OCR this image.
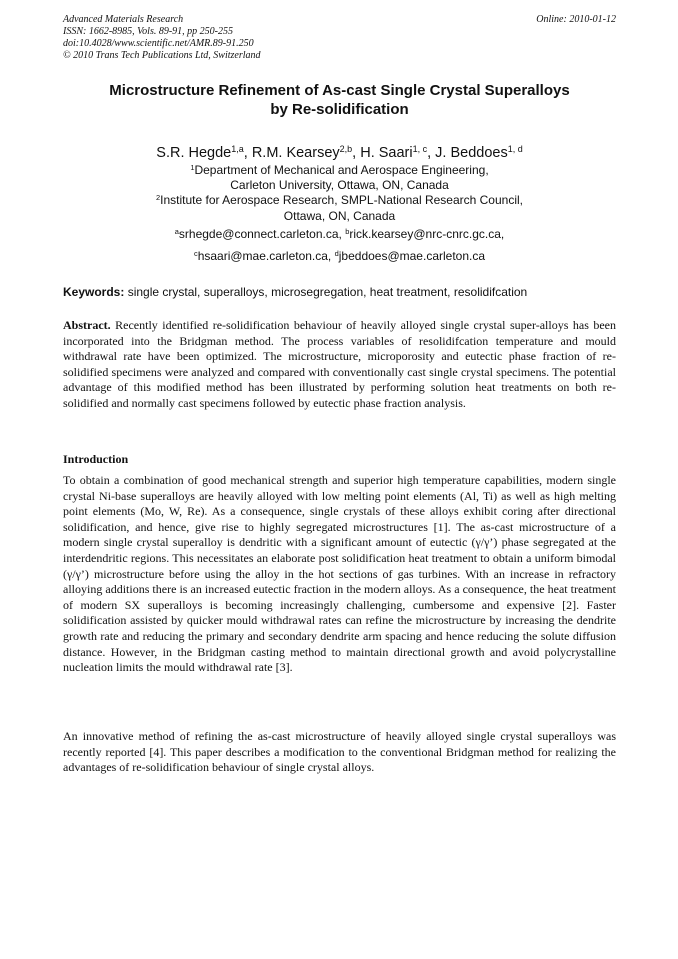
Advanced Materials Research
ISSN: 1662-8985, Vols. 89-91, pp 250-255
doi:10.4028/www.scientific.net/AMR.89-91.250
© 2010 Trans Tech Publications Ltd, Switzerland
Online: 2010-01-12
Microstructure Refinement of As-cast Single Crystal Superalloys
by Re-solidification
S.R. Hegde$^{1,a}$, R.M. Kearsey$^{2,b}$, H. Saari$^{1, c}$, J. Beddoes$^{1, d}$
$^1$Department of Mechanical and Aerospace Engineering,
Carleton University, Ottawa, ON, Canada
$^2$Institute for Aerospace Research, SMPL-National Research Council,
Ottawa, ON, Canada
$^a$srhegde@connect.carleton.ca, $^b$rick.kearsey@nrc-cnrc.gc.ca,
$^c$hsaari@mae.carleton.ca, $^d$jbeddoes@mae.carleton.ca
Keywords: single crystal, superalloys, microsegregation, heat treatment, resolidifcation
Abstract. Recently identified re-solidification behaviour of heavily alloyed single crystal super-alloys has been incorporated into the Bridgman method. The process variables of resolidifcation temperature and mould withdrawal rate have been optimized. The microstructure, microporosity and eutectic phase fraction of re-solidified specimens were analyzed and compared with conventionally cast single crystal specimens. The potential advantage of this modified method has been illustrated by performing solution heat treatments on both re-solidified and normally cast specimens followed by eutectic phase fraction analysis.
Introduction
To obtain a combination of good mechanical strength and superior high temperature capabilities, modern single crystal Ni-base superalloys are heavily alloyed with low melting point elements (Al, Ti) as well as high melting point elements (Mo, W, Re). As a consequence, single crystals of these alloys exhibit coring after directional solidification, and hence, give rise to highly segregated microstructures [1]. The as-cast microstructure of a modern single crystal superalloy is dendritic with a significant amount of eutectic (γ/γ’) phase segregated at the interdendritic regions. This necessitates an elaborate post solidification heat treatment to obtain a uniform bimodal (γ/γ’) microstructure before using the alloy in the hot sections of gas turbines. With an increase in refractory alloying additions there is an increased eutectic fraction in the modern alloys. As a consequence, the heat treatment of modern SX superalloys is becoming increasingly challenging, cumbersome and expensive [2]. Faster solidification assisted by quicker mould withdrawal rates can refine the microstructure by increasing the dendrite growth rate and reducing the primary and secondary dendrite arm spacing and hence reducing the solute diffusion distance. However, in the Bridgman casting method to maintain directional growth and avoid polycrystalline nucleation limits the mould withdrawal rate [3].
An innovative method of refining the as-cast microstructure of heavily alloyed single crystal superalloys was recently reported [4]. This paper describes a modification to the conventional Bridgman method for realizing the advantages of re-solidification behaviour of single crystal alloys.
